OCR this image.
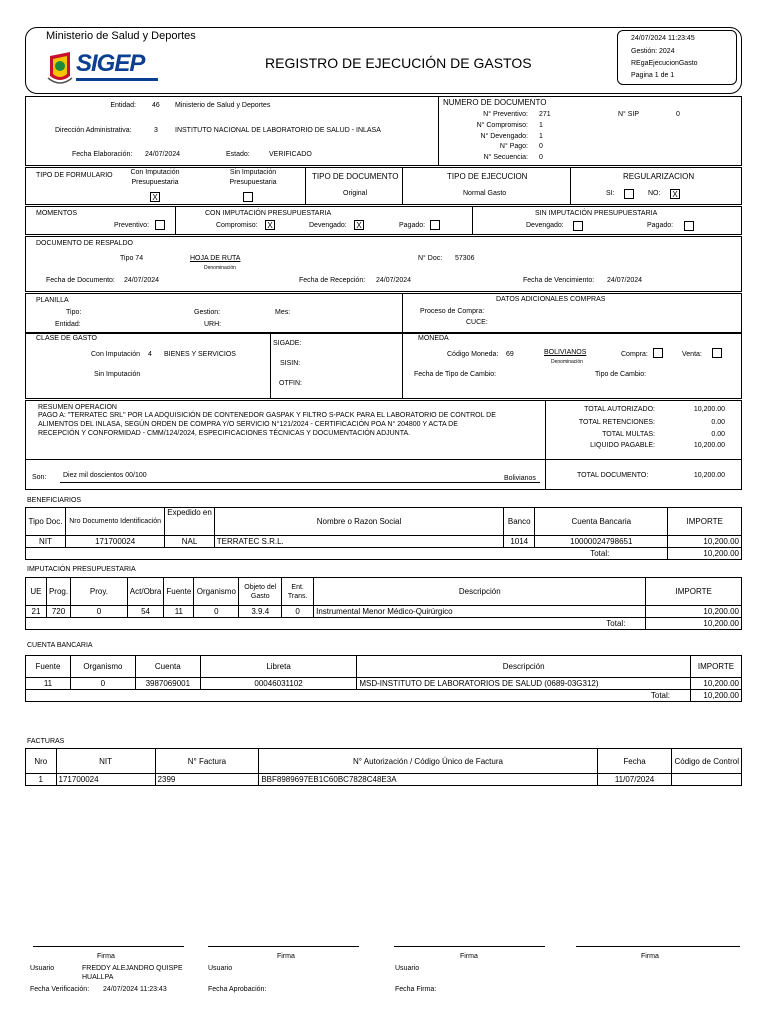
Ministerio de Salud y Deportes
SIGEP	REGISTRO DE EJECUCIÓN DE GASTOS
24/07/2024 11:23:45
Gestión: 2024
REgaEjecucionGasto
Pagina 1 de 1
Entidad: 46 Ministerio de Salud y Deportes
Dirección Administrativa:	3 INSTITUTO NACIONAL DE LABORATORIO DE SALUD - INLASA
Fecha Elaboración: 24/07/2024	Estado:	VERIFICADO
NUMERO DE DOCUMENTO
N° Preventivo: 271
N° Compromiso: 1
N° Devengado: 1
N° Pago: 0
N° Secuencia: 0
N° SIP	0
TIPO DE FORMULARIO	Con Imputación
Presupuestaria
X
Sin Imputación
Presupuestaria
TIPO DE DOCUMENTO
Original
TIPO DE EJECUCION
Normal Gasto
REGULARIZACION
SI:	NO: X
MOMENTOS	CON IMPUTACIÓN PRESUPUESTARIA	SIN IMPUTACIÓN PRESUPUESTARIA
Preventivo:	Compromiso: X	Devengado: X	Pagado:	Devengado:	Pagado:
DOCUMENTO DE RESPALDO
Tipo 74	HOJA DE RUTA
Denominación
N° Doc: 57306
Fecha de Documento: 24/07/2024	Fecha de Recepción: 24/07/2024	Fecha de Vencimiento: 24/07/2024
PLANILLA
Tipo:
Entidad:
Gestion:
URH:
Mes:
DATOS ADICIONALES COMPRAS
Proceso de Compra:
CUCE:
CLASE DE GASTO
Con Imputación 4 BIENES Y SERVICIOS
Sin Imputación
SIGADE:
SISIN:
OTFIN:
MONEDA
Código Moneda: 69	BOLIVIANOS
Denominación
Compra:	Venta:
Fecha de Tipo de Cambio:	Tipo de Cambio:
RESUMEN OPERACION
PAGO A: "TERRATEC SRL" POR LA ADQUISICIÓN DE CONTENEDOR GASPAK Y FILTRO S-PACK PARA EL LABORATORIO DE CONTROL DE
ALIMENTOS DEL INLASA, SEGÚN ORDEN DE COMPRA Y/O SERVICIO N°121/2024 - CERTIFICACIÓN POA N° 204800 Y ACTA DE
RECEPCIÓN Y CONFORMIDAD - CMM/124/2024, ESPECIFICACIONES TÉCNICAS Y DOCUMENTACIÓN ADJUNTA.
TOTAL AUTORIZADO:	10,200.00
TOTAL RETENCIONES:	0.00
TOTAL MULTAS:	0.00
LIQUIDO PAGABLE:	10,200.00
Son: Diez mil doscientos 00/100	Bolivianos	TOTAL DOCUMENTO:	10,200.00
BENEFICIARIOS
Tipo Doc.	Nro Documento Identificación	Expedido en	Nombre o Razon Social	Banco	Cuenta Bancaria	IMPORTE
NIT	171700024	NAL	TERRATEC S.R.L.	1014	10000024798651	10,200.00
Total:						10,200.00
IMPUTACIÓN PRESUPUESTARIA
UE	Prog.	Proy.	Act/Obra	Fuente	Organismo	Objeto del Gasto	Ent. Trans.	Descripción	IMPORTE
21	720	0	54	11	0	3.9.4	0	Instrumental Menor Médico-Quirúrgico	10,200.00
Total:									10,200.00
CUENTA BANCARIA
Fuente	Organismo	Cuenta	Libreta	Descripción	IMPORTE
11	0	3987069001	00046031102	MSD-INSTITUTO DE LABORATORIOS DE SALUD (0689-03G312)	10,200.00
Total:					10,200.00
FACTURAS
Nro	NIT	N° Factura	N° Autorización / Código Único de Factura	Fecha	Código de Control
1	171700024	2399	BBF8989697EB1C60BC7828C48E3A	11/07/2024	
Firma	Firma	Firma	Firma
Usuario	FREDDY ALEJANDRO QUISPE
HUALLPA
Usuario	Usuario
Fecha Verificación: 24/07/2024 11:23:43	Fecha Aprobación:	Fecha Firma:
